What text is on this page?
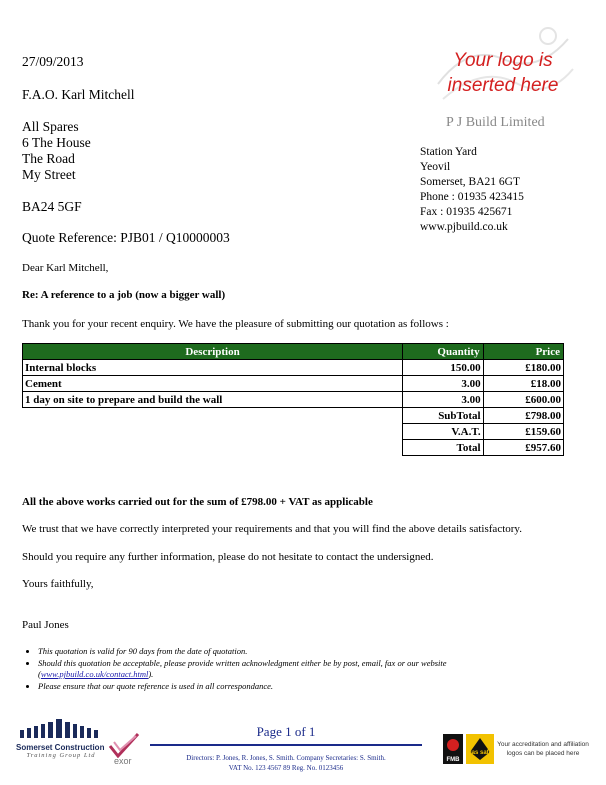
27/09/2013
F.A.O. Karl Mitchell
All Spares
6 The House
The Road
My Street
BA24 5GF
Quote Reference: PJB01 / Q10000003
Your logo is
inserted here
P J Build Limited
Station Yard
Yeovil
Somerset, BA21 6GT
Phone : 01935 423415
Fax : 01935 425671
www.pjbuild.co.uk
Dear Karl Mitchell,
Re: A reference to a job (now a bigger wall)
Thank you for your recent enquiry. We have the pleasure of submitting our quotation as follows :
Description	Quantity	Price
Internal blocks	150.00	£180.00
Cement	3.00	£18.00
1 day on site to prepare and build the wall	3.00	£600.00
	SubTotal	£798.00
	V.A.T.	£159.60
	Total	£957.60
All the above works carried out for the sum of £798.00 + VAT as applicable
We trust that we have correctly interpreted your requirements and that you will find the above details satisfactory.
Should you require any further information, please do not hesitate to contact the undersigned.
Yours faithfully,
Paul Jones
• This quotation is valid for 90 days from the date of quotation.
• Should this quotation be acceptable, please provide written acknowledgment either be by post, email, fax or our website (www.pjbuild.co.uk/contact.html).
• Please ensure that our quote reference is used in all correspondance.
Somerset Construction
Training Group Ltd
exor
Page 1 of 1
Directors: P. Jones, R. Jones, S. Smith. Company Secretaries: S. Smith.
VAT No. 123 4567 89 Reg. No. 0123456
FMB
gas safe
Your accreditation and affiliation logos can be placed here
